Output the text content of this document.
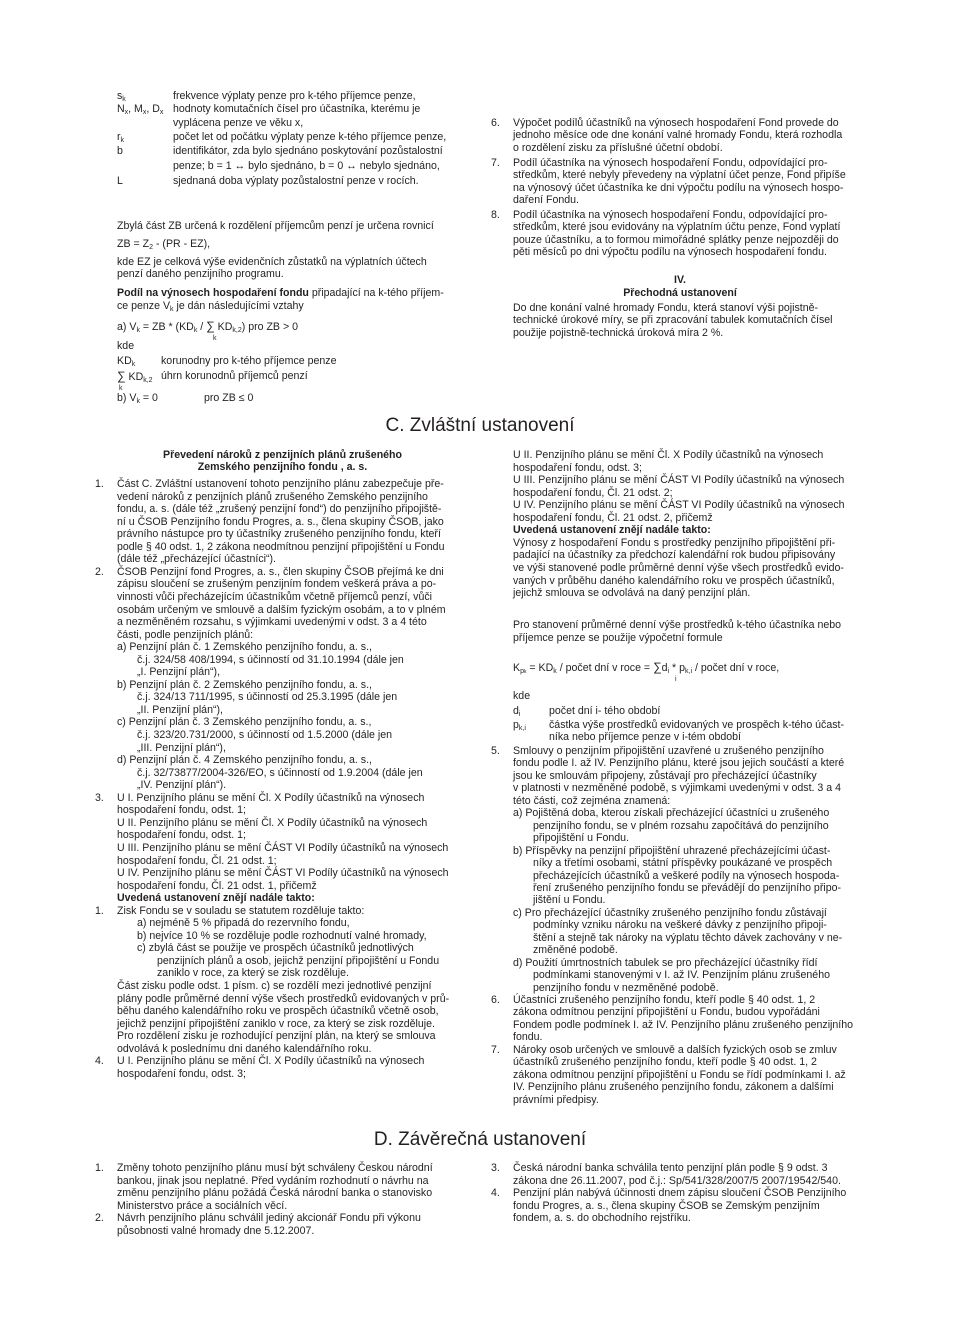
$s_k$	frekvence výplaty penze pro k-tého příjemce penze,
$N_x$, $M_x$, $D_x$ hodnoty komutačních čísel pro účastníka, kterému je
vyplácena penze ve věku x,
$r_k$	počet let od počátku výplaty penze k-tého příjemce penze,
b	identifikátor, zda bylo sjednáno poskytování pozůstalostní
penze; b = 1 ↔ bylo sjednáno, b = 0 ↔ nebylo sjednáno,
L	sjednaná doba výplaty pozůstalostní penze v rocích.
Zbylá část ZB určená k rozdělení příjemcům penzí je určena rovnicí
ZB = $Z_2 - (PR - EZ)$,
kde EZ je celková výše evidenčních zůstatků na výplatních účtech
penzí daného penzijního programu.
Podíl na výnosech hospodaření fondu připadající na k-tého příjem-
ce penze $V_k$ je dán následujícími vztahy
a) $V_k$ = ZB * ($KD_k$ / ∑ $KD_{k,2}$) pro ZB > 0
k
kde
$KD_k$ korunodny pro k-tého příjemce penze
∑ $KD_{k,2}$ úhrn korunodnů příjemců penzí
k
b) $V_k = 0$	pro ZB ≤ 0
6. Výpočet podílů účastníků na výnosech hospodaření Fond provede do
jednoho měsíce ode dne konání valné hromady Fondu, která rozhodla
o rozdělení zisku za příslušné účetní období.
7. Podíl účastníka na výnosech hospodaření Fondu, odpovídající pro-
středkům, které nebyly převedeny na výplatní účet penze, Fond připíše
na výnosový účet účastníka ke dni výpočtu podílu na výnosech hospo-
daření Fondu.
8. Podíl účastníka na výnosech hospodaření Fondu, odpovídající pro-
středkům, které jsou evidovány na výplatním účtu penze, Fond vyplatí
pouze účastníku, a to formou mimořádné splátky penze nejpozději do
pěti měsíců po dni výpočtu podílu na výnosech hospodaření fondu.
IV.
Přechodná ustanovení
Do dne konání valné hromady Fondu, která stanoví výši pojistně-
technické úrokové míry, se při zpracování tabulek komutačních čísel
použije pojistně-technická úroková míra 2 %.
C. Zvláštní ustanovení
Převedení nároků z penzijních plánů zrušeného
Zemského penzijního fondu , a. s.
1. Část C. Zvláštní ustanovení tohoto penzijního plánu zabezpečuje pře-
vedení nároků z penzijních plánů zrušeného Zemského penzijního
fondu, a. s. (dále též „zrušený penzijní fond“) do penzijního připojiště-
ní u ČSOB Penzijního fondu Progres, a. s., člena skupiny ČSOB, jako
právního nástupce pro ty účastníky zrušeného penzijního fondu, kteří
podle § 40 odst. 1, 2 zákona neodmítnou penzijní připojištění u Fondu
(dále též „přecházející účastníci“).
2. ČSOB Penzijní fond Progres, a. s., člen skupiny ČSOB přejímá ke dni
zápisu sloučení se zrušeným penzijním fondem veškerá práva a po-
vinnosti vůči přecházejícím účastníkům včetně příjemců penzí, vůči
osobám určeným ve smlouvě a dalším fyzickým osobám, a to v plném
a nezměněném rozsahu, s výjimkami uvedenými v odst. 3 a 4 této
části, podle penzijních plánů:
a) Penzijní plán č. 1 Zemského penzijního fondu, a. s.,
č.j. 324/58 408/1994, s účinností od 31.10.1994 (dále jen
„I. Penzijní plán“),
b) Penzijní plán č. 2 Zemského penzijního fondu, a. s.,
č.j. 324/13 711/1995, s účinností od 25.3.1995 (dále jen
„II. Penzijní plán“),
c) Penzijní plán č. 3 Zemského penzijního fondu, a. s.,
č.j. 323/20.731/2000, s účinností od 1.5.2000 (dále jen
„III. Penzijní plán“),
d) Penzijní plán č. 4 Zemského penzijního fondu, a. s.,
č.j. 32/73877/2004-326/EO, s účinností od 1.9.2004 (dále jen
„IV. Penzijní plán“).
3. U I. Penzijního plánu se mění Čl. X Podíly účastníků na výnosech
hospodaření fondu, odst. 1;
U II. Penzijního plánu se mění Čl. X Podíly účastníků na výnosech
hospodaření fondu, odst. 1;
U III. Penzijního plánu se mění ČÁST VI Podíly účastníků na výnosech
hospodaření fondu, Čl. 21 odst. 1;
U IV. Penzijního plánu se mění ČÁST VI Podíly účastníků na výnosech
hospodaření fondu, Čl. 21 odst. 1, přičemž
Uvedená ustanovení znějí nadále takto:
1. Zisk Fondu se v souladu se statutem rozděluje takto:
a) nejméně 5 % připadá do rezervního fondu,
b) nejvíce 10 % se rozděluje podle rozhodnutí valné hromady,
c) zbylá část se použije ve prospěch účastníků jednotlivých
penzijních plánů a osob, jejichž penzijní připojištění u Fondu
zaniklo v roce, za který se zisk rozděluje.
Část zisku podle odst. 1 písm. c) se rozdělí mezi jednotlivé penzijní
plány podle průměrné denní výše všech prostředků evidovaných v prů-
běhu daného kalendářního roku ve prospěch účastníků včetně osob,
jejichž penzijní připojištění zaniklo v roce, za který se zisk rozděluje.
Pro rozdělení zisku je rozhodující penzijní plán, na který se smlouva
odvolává k poslednímu dni daného kalendářního roku.
4. U I. Penzijního plánu se mění Čl. X Podíly účastníků na výnosech
hospodaření fondu, odst. 3;
U II. Penzijního plánu se mění Čl. X Podíly účastníků na výnosech
hospodaření fondu, odst. 3;
U III. Penzijního plánu se mění ČÁST VI Podíly účastníků na výnosech
hospodaření fondu, Čl. 21 odst. 2;
U IV. Penzijního plánu se mění ČÁST VI Podíly účastníků na výnosech
hospodaření fondu, Čl. 21 odst. 2, přičemž
Uvedená ustanovení znějí nadále takto:
Výnosy z hospodaření Fondu s prostředky penzijního připojištění při-
padající na účastníky za předchozí kalendářní rok budou připisovány
ve výši stanovené podle průměrné denní výše všech prostředků evido-
vaných v průběhu daného kalendářního roku ve prospěch účastníků,
jejichž smlouva se odvolává na daný penzijní plán.
Pro stanovení průměrné denní výše prostředků k-tého účastníka nebo
příjemce penze se použije výpočetní formule
$K_{pk} = KD_k$ / počet dní v roce = $\sum d_i * p_{k,i}$ / počet dní v roce,
i
kde
$d_i$	počet dní i- tého období
$p_{k,i}$ částka výše prostředků evidovaných ve prospěch k-tého účast-
níka nebo příjemce penze v i-tém období
5. Smlouvy o penzijním připojištění uzavřené u zrušeného penzijního
fondu podle I. až IV. Penzijního plánu, které jsou jejich součástí a které
jsou ke smlouvám připojeny, zůstávají pro přecházející účastníky
v platnosti v nezměněné podobě, s výjimkami uvedenými v odst. 3 a 4
této části, což zejména znamená:
a) Pojištěná doba, kterou získali přecházející účastníci u zrušeného
penzijního fondu, se v plném rozsahu započítává do penzijního
připojištění u Fondu.
b) Příspěvky na penzijní připojištění uhrazené přecházejícími účast-
níky a třetími osobami, státní příspěvky poukázané ve prospěch
přecházejících účastníků a veškeré podíly na výnosech hospoda-
ření zrušeného penzijního fondu se převádějí do penzijního připo-
jištění u Fondu.
c) Pro přecházející účastníky zrušeného penzijního fondu zůstávají
podmínky vzniku nároku na veškeré dávky z penzijního připoji-
štění a stejně tak nároky na výplatu těchto dávek zachovány v ne-
změněné podobě.
d) Použití úmrtnostních tabulek se pro přecházející účastníky řídí
podmínkami stanovenými v I. až IV. Penzijním plánu zrušeného
penzijního fondu v nezměněné podobě.
6. Účastníci zrušeného penzijního fondu, kteří podle § 40 odst. 1, 2
zákona odmítnou penzijní připojištění u Fondu, budou vypořádáni
Fondem podle podmínek I. až IV. Penzijního plánu zrušeného penzijního
fondu.
7. Nároky osob určených ve smlouvě a dalších fyzických osob se zmluv
účastníků zrušeného penzijního fondu, kteří podle § 40 odst. 1, 2
zákona odmítnou penzijní připojištění u Fondu se řídí podmínkami I. až
IV. Penzijního plánu zrušeného penzijního fondu, zákonem a dalšími
právními předpisy.
D. Závěrečná ustanovení
1. Změny tohoto penzijního plánu musí být schváleny Českou národní
bankou, jinak jsou neplatné. Před vydáním rozhodnutí o návrhu na
změnu penzijního plánu požádá Česká národní banka o stanovisko
Ministerstvo práce a sociálních věcí.
2. Návrh penzijního plánu schválil jediný akcionář Fondu při výkonu
působnosti valné hromady dne 5.12.2007.
3. Česká národní banka schválila tento penzijní plán podle § 9 odst. 3
zákona dne 26.11.2007, pod č.j.: Sp/541/328/2007/5 2007/19542/540.
4. Penzijní plán nabývá účinnosti dnem zápisu sloučení ČSOB Penzijního
fondu Progres, a. s., člena skupiny ČSOB se Zemským penzijním
fondem, a. s. do obchodního rejstříku.
